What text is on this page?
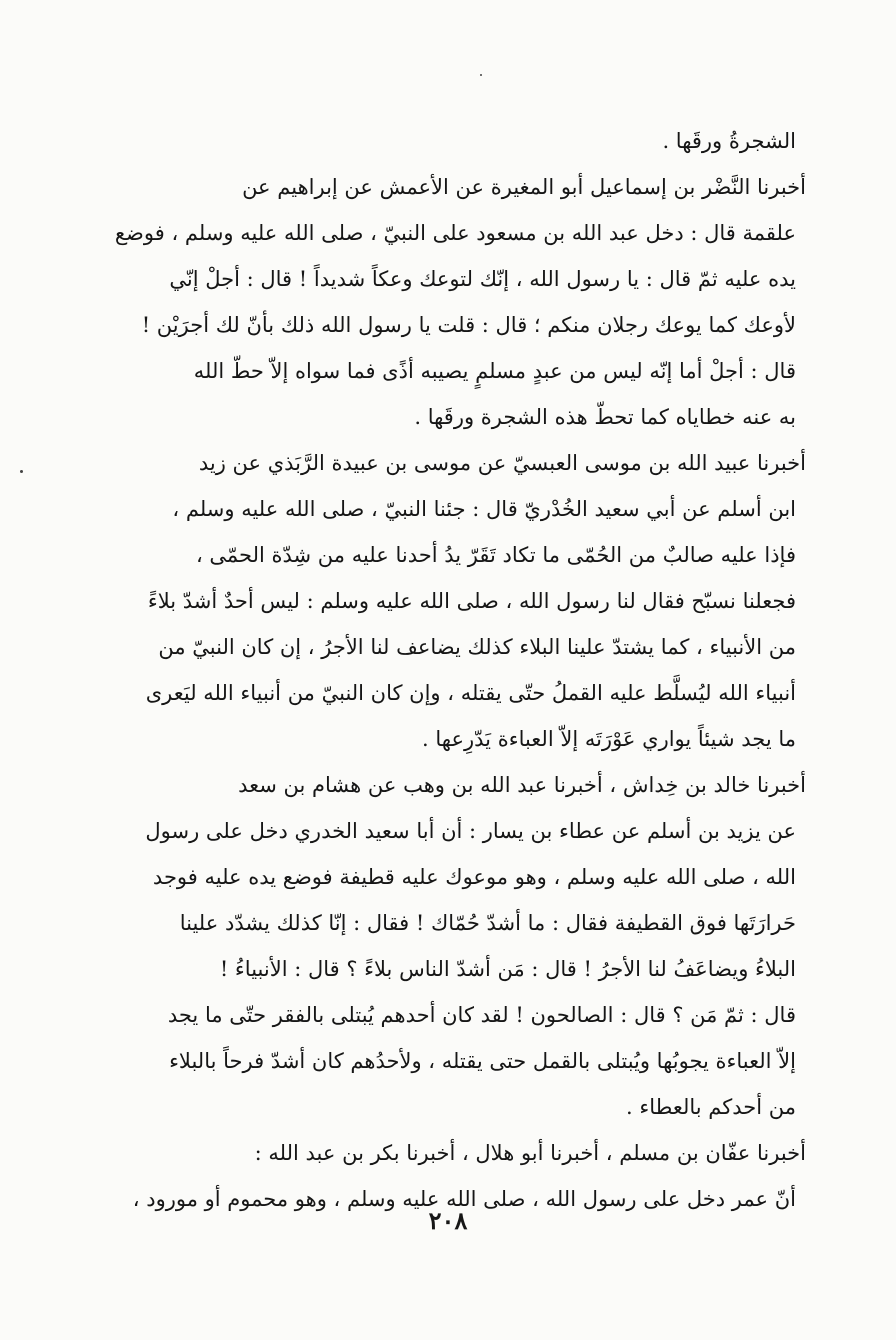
الشجرةُ ورقَها .
أخبرنا النَّضْر بن إسماعيل أبو المغيرة عن الأعمش عن إبراهيم عن
علقمة قال : دخل عبد الله بن مسعود على النبيّ ، صلى الله عليه وسلم ، فوضع
يده عليه ثمّ قال : يا رسول الله ، إنّك لتوعك وعكاً شديداً ! قال : أجلْ إنّي
لأوعك كما يوعك رجلان منكم ؛ قال : قلت يا رسول الله ذلك بأنّ لك أجرَيْن !
قال : أجلْ أما إنّه ليس من عبدٍ مسلمٍ يصيبه أذًى فما سواه إلاّ حطّ الله
به عنه خطاياه كما تحطّ هذه الشجرة ورقَها .
أخبرنا عبيد الله بن موسى العبسيّ عن موسى بن عبيدة الرَّبَذي عن زيد
ابن أسلم عن أبي سعيد الخُدْريّ قال : جئنا النبيّ ، صلى الله عليه وسلم ،
فإذا عليه صالبٌ من الحُمّى ما تكاد تَقَرّ يدُ أحدنا عليه من شِدّة الحمّى ،
فجعلنا نسبّح فقال لنا رسول الله ، صلى الله عليه وسلم : ليس أحدٌ أشدّ بلاءً
من الأنبياء ، كما يشتدّ علينا البلاء كذلك يضاعف لنا الأجرُ ، إن كان النبيّ من
أنبياء الله ليُسلَّط عليه القملُ حتّى يقتله ، وإن كان النبيّ من أنبياء الله ليَعرى
ما يجد شيئاً يواري عَوْرَتَه إلاّ العباءة يَدّرِعها .
أخبرنا خالد بن خِداش ، أخبرنا عبد الله بن وهب عن هشام بن سعد
عن يزيد بن أسلم عن عطاء بن يسار : أن أبا سعيد الخدري دخل على رسول
الله ، صلى الله عليه وسلم ، وهو موعوك عليه قطيفة فوضع يده عليه فوجد
حَرارَتَها فوق القطيفة فقال : ما أشدّ حُمّاك ! فقال : إنّا كذلك يشدّد علينا
البلاءُ ويضاعَفُ لنا الأجرُ ! قال : مَن أشدّ الناس بلاءً ؟ قال : الأنبياءُ !
قال : ثمّ مَن ؟ قال : الصالحون ! لقد كان أحدهم يُبتلى بالفقر حتّى ما يجد
إلاّ العباءة يجوبُها ويُبتلى بالقمل حتى يقتله ، ولأحدُهم كان أشدّ فرحاً بالبلاء
من أحدكم بالعطاء .
أخبرنا عفّان بن مسلم ، أخبرنا أبو هلال ، أخبرنا بكر بن عبد الله :
أنّ عمر دخل على رسول الله ، صلى الله عليه وسلم ، وهو محموم أو مورود ،
٢٠٨
